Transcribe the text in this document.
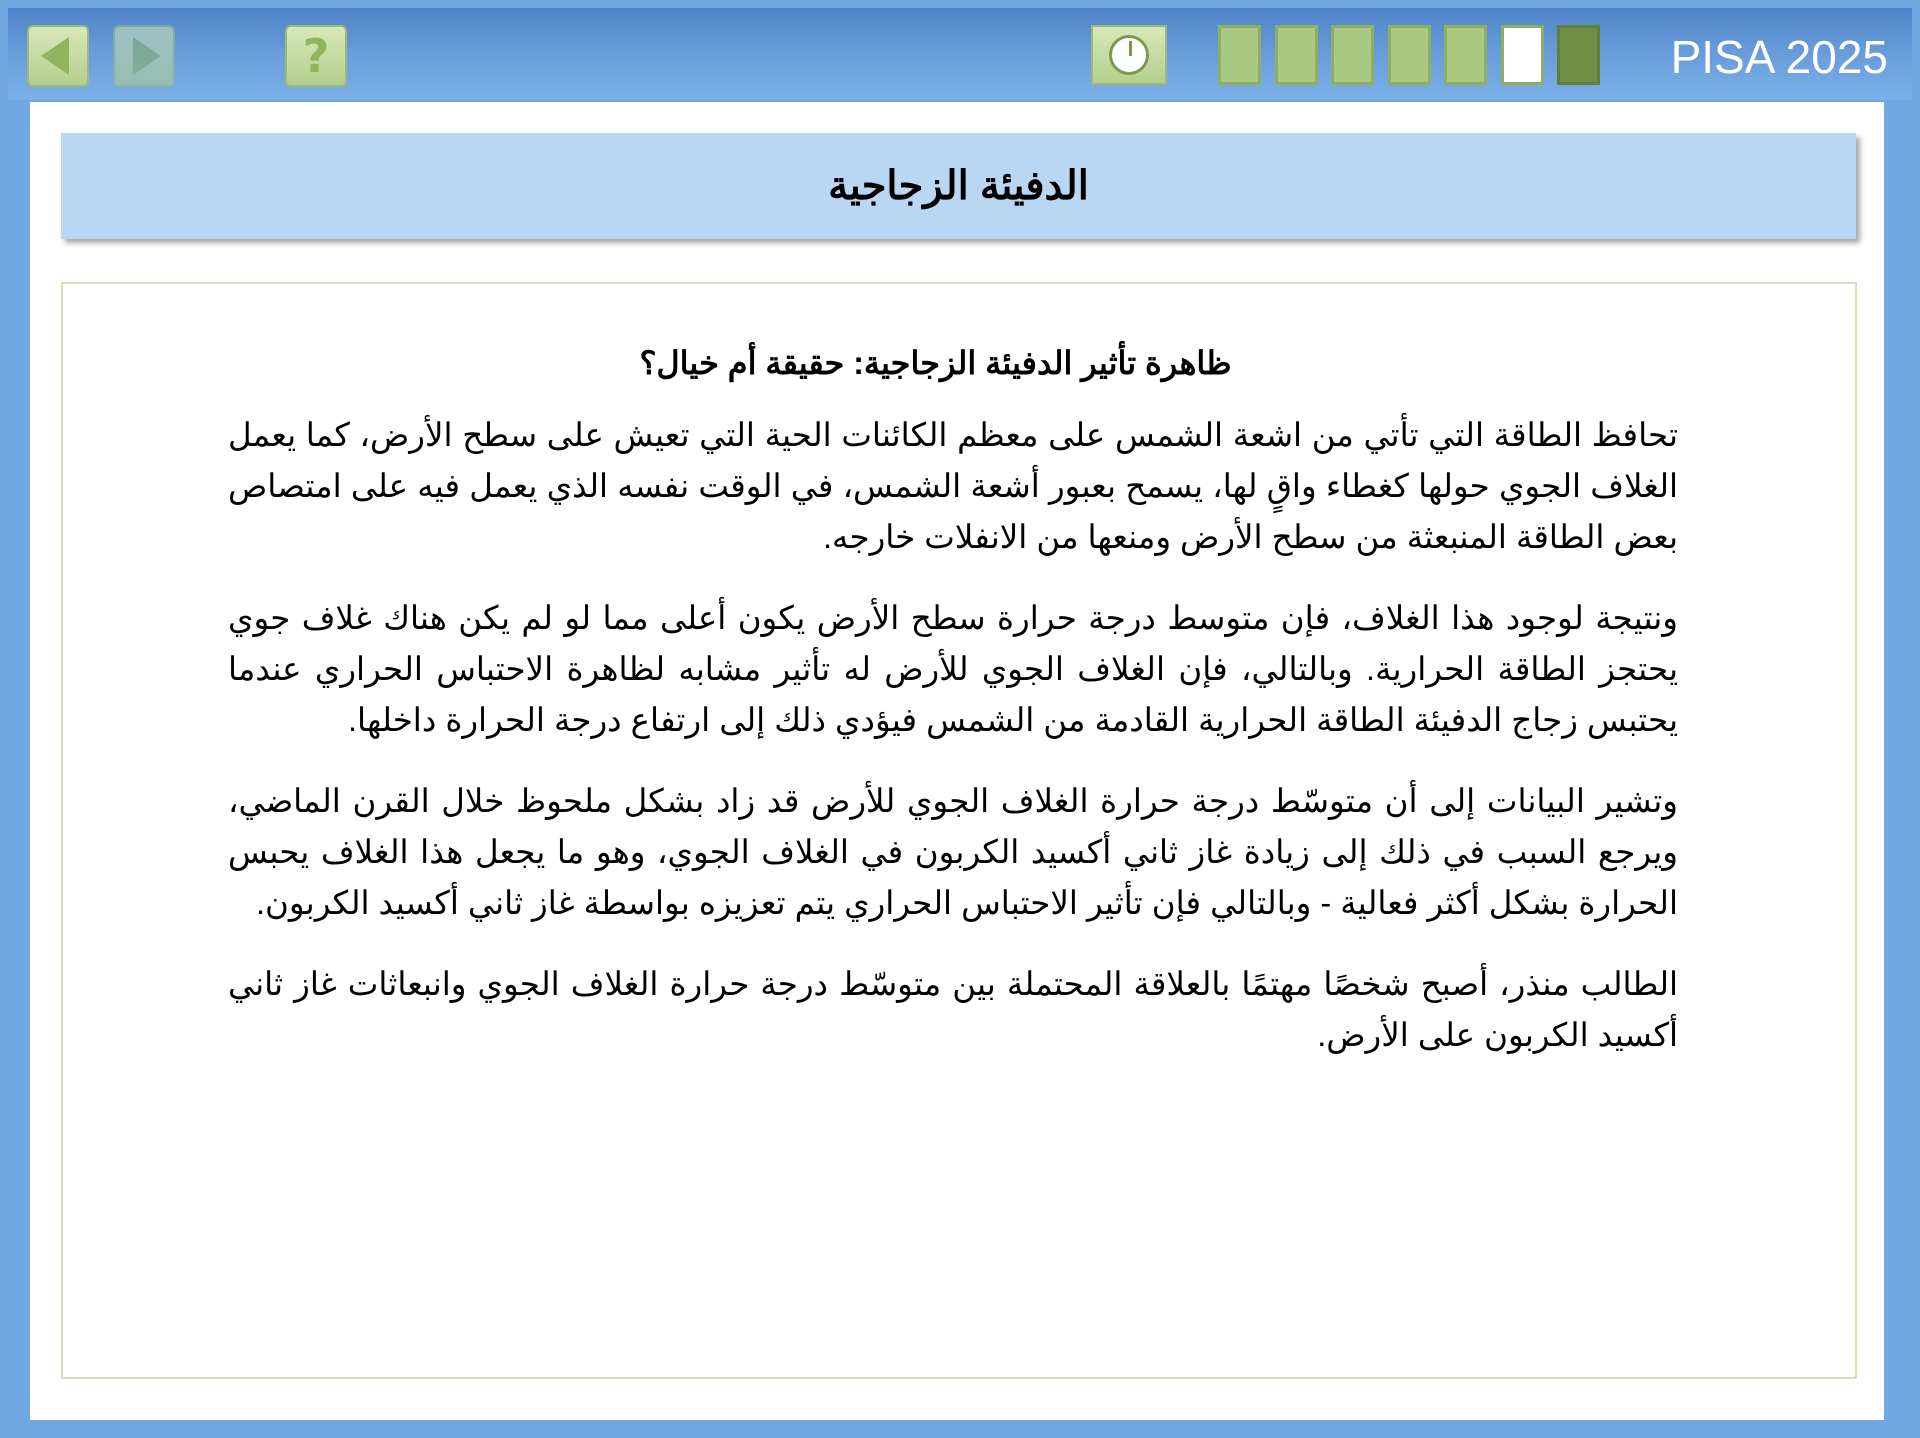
?	PISA 2025
الدفيئة الزجاجية
ظاهرة تأثير الدفيئة الزجاجية: حقيقة أم خيال؟

تحافظ الطاقة التي تأتي من اشعة الشمس على معظم الكائنات الحية التي تعيش على سطح الأرض، كما يعمل الغلاف الجوي حولها كغطاء واقٍ لها، يسمح بعبور أشعة الشمس، في الوقت نفسه الذي يعمل فيه على امتصاص بعض الطاقة المنبعثة من سطح الأرض ومنعها من الانفلات خارجه.

ونتيجة لوجود هذا الغلاف، فإن متوسط درجة حرارة سطح الأرض يكون أعلى مما لو لم يكن هناك غلاف جوي يحتجز الطاقة الحرارية. وبالتالي، فإن الغلاف الجوي للأرض له تأثير مشابه لظاهرة الاحتباس الحراري عندما يحتبس زجاج الدفيئة الطاقة الحرارية القادمة من الشمس فيؤدي ذلك إلى ارتفاع درجة الحرارة داخلها.

وتشير البيانات إلى أن متوسّط درجة حرارة الغلاف الجوي للأرض قد زاد بشكل ملحوظ خلال القرن الماضي، ويرجع السبب في ذلك إلى زيادة غاز ثاني أكسيد الكربون في الغلاف الجوي، وهو ما يجعل هذا الغلاف يحبس الحرارة بشكل أكثر فعالية - وبالتالي فإن تأثير الاحتباس الحراري يتم تعزيزه بواسطة غاز ثاني أكسيد الكربون.

الطالب منذر، أصبح شخصًا مهتمًا بالعلاقة المحتملة بين متوسّط درجة حرارة الغلاف الجوي وانبعاثات غاز ثاني أكسيد الكربون على الأرض.
